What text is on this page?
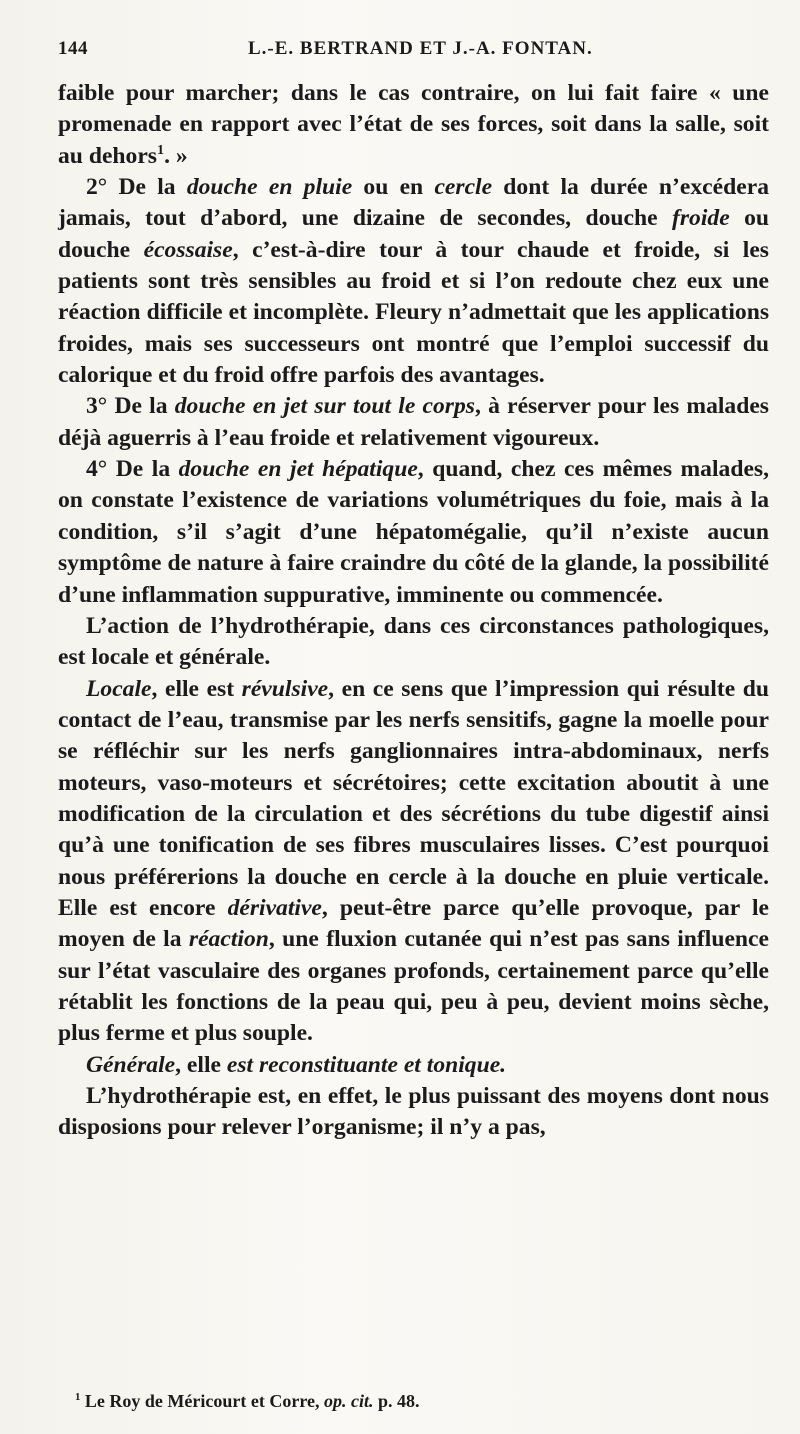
144	L.-E. BERTRAND ET J.-A. FONTAN.

faible pour marcher; dans le cas contraire, on lui fait faire « une promenade en rapport avec l’état de ses forces, soit dans la salle, soit au dehors$^1$. »

2° De la douche en pluie ou en cercle dont la durée n’excédera jamais, tout d’abord, une dizaine de secondes, douche froide ou douche écossaise, c’est-à-dire tour à tour chaude et froide, si les patients sont très sensibles au froid et si l’on redoute chez eux une réaction difficile et incomplète. Fleury n’admettait que les applications froides, mais ses successeurs ont montré que l’emploi successif du calorique et du froid offre parfois des avantages.

3° De la douche en jet sur tout le corps, à réserver pour les malades déjà aguerris à l’eau froide et relativement vigoureux.

4° De la douche en jet hépatique, quand, chez ces mêmes malades, on constate l’existence de variations volumétriques du foie, mais à la condition, s’il s’agit d’une hépatomégalie, qu’il n’existe aucun symptôme de nature à faire craindre du côté de la glande, la possibilité d’une inflammation suppurative, imminente ou commencée.

L’action de l’hydrothérapie, dans ces circonstances pathologiques, est locale et générale.

Locale, elle est révulsive, en ce sens que l’impression qui résulte du contact de l’eau, transmise par les nerfs sensitifs, gagne la moelle pour se réfléchir sur les nerfs ganglionnaires intra-abdominaux, nerfs moteurs, vaso-moteurs et sécrétoires; cette excitation aboutit à une modification de la circulation et des sécrétions du tube digestif ainsi qu’à une tonification de ses fibres musculaires lisses. C’est pourquoi nous préférerions la douche en cercle à la douche en pluie verticale. Elle est encore dérivative, peut-être parce qu’elle provoque, par le moyen de la réaction, une fluxion cutanée qui n’est pas sans influence sur l’état vasculaire des organes profonds, certainement parce qu’elle rétablit les fonctions de la peau qui, peu à peu, devient moins sèche, plus ferme et plus souple.

Générale, elle est reconstituante et tonique.

L’hydrothérapie est, en effet, le plus puissant des moyens dont nous disposions pour relever l’organisme; il n’y a pas,

$^1$ Le Roy de Méricourt et Corre, op. cit. p. 48.
